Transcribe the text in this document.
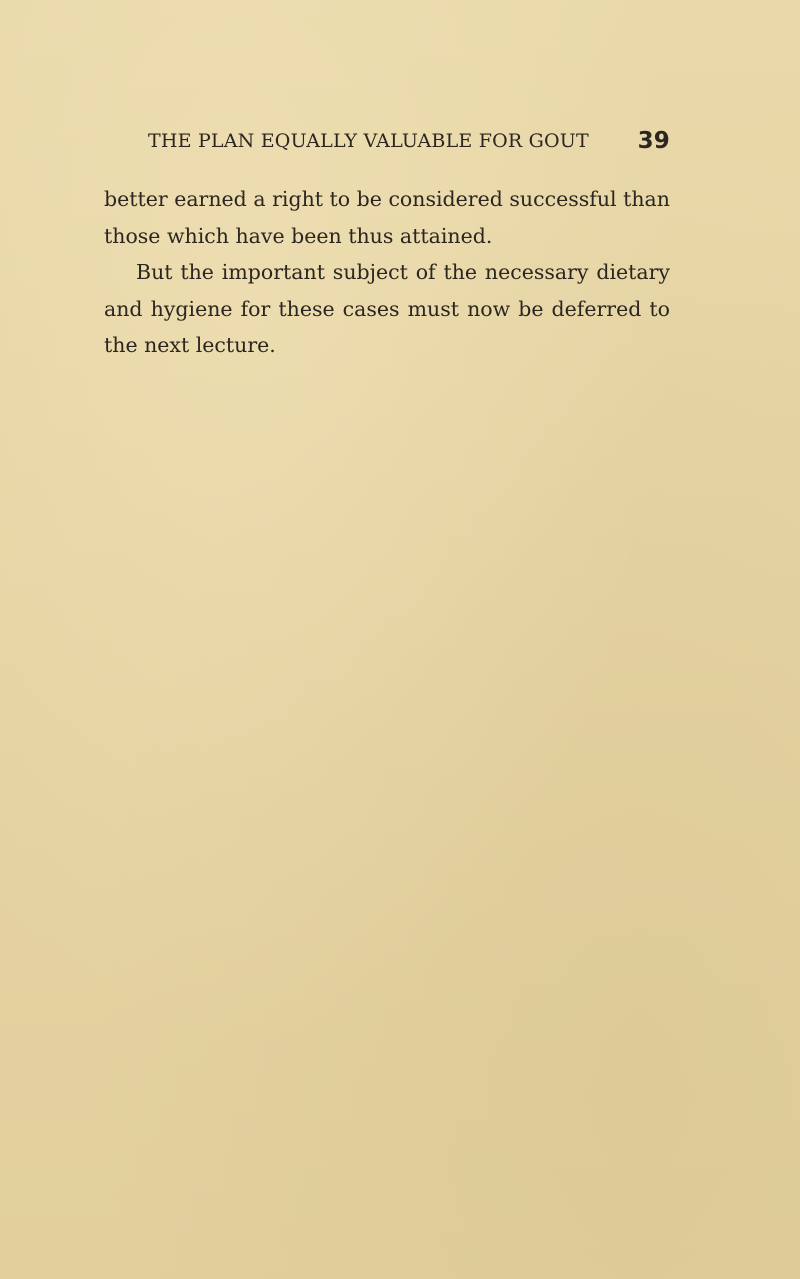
THE PLAN EQUALLY VALUABLE FOR GOUT 39

better earned a right to be considered successful than those which have been thus attained.

But the important subject of the necessary dietary and hygiene for these cases must now be deferred to the next lecture.
